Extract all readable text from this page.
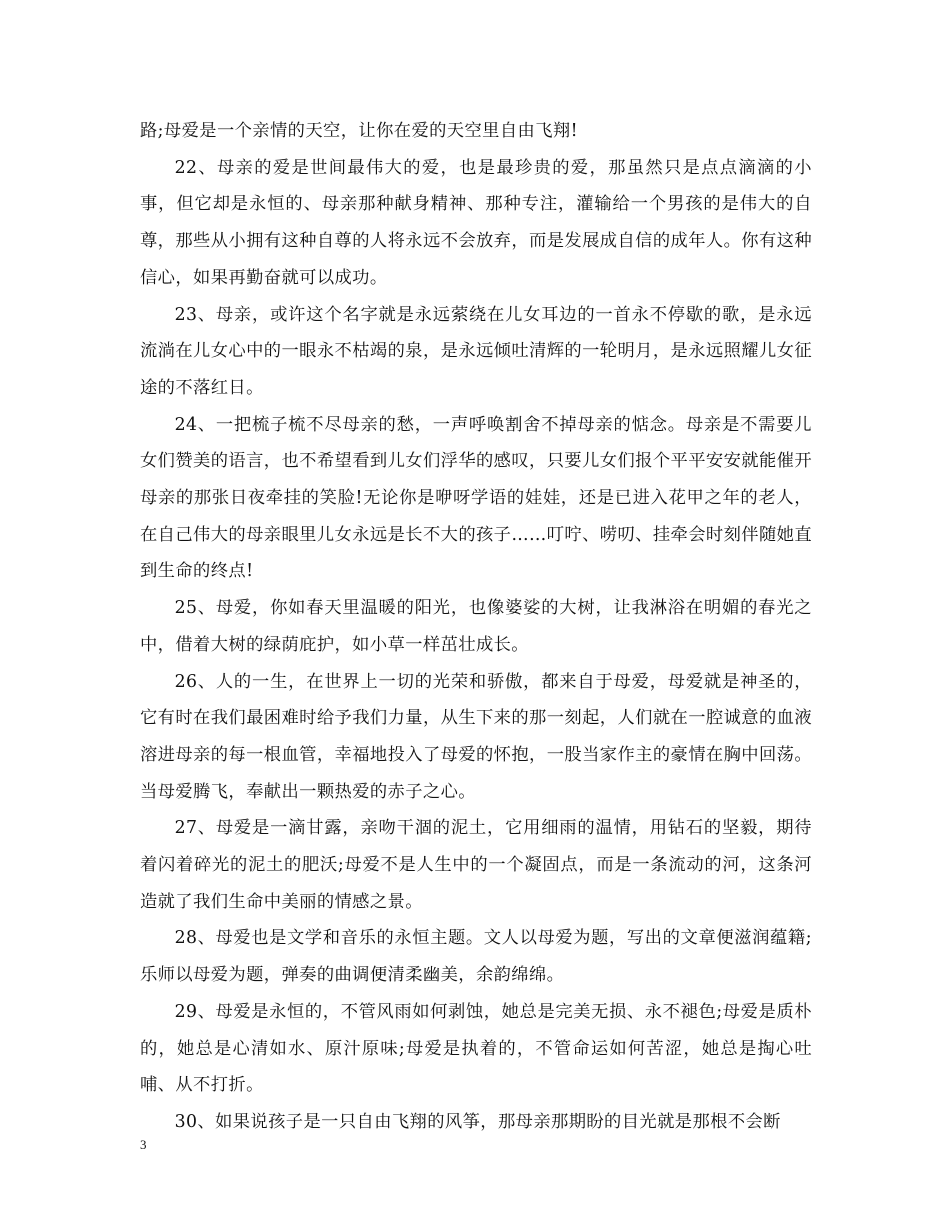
路;母爱是一个亲情的天空，让你在爱的天空里自由飞翔!

22、母亲的爱是世间最伟大的爱，也是最珍贵的爱，那虽然只是点点滴滴的小事，但它却是永恒的、母亲那种献身精神、那种专注，灌输给一个男孩的是伟大的自尊，那些从小拥有这种自尊的人将永远不会放弃，而是发展成自信的成年人。你有这种信心，如果再勤奋就可以成功。

23、母亲，或许这个名字就是永远萦绕在儿女耳边的一首永不停歇的歌，是永远流淌在儿女心中的一眼永不枯竭的泉，是永远倾吐清辉的一轮明月，是永远照耀儿女征途的不落红日。

24、一把梳子梳不尽母亲的愁，一声呼唤割舍不掉母亲的惦念。母亲是不需要儿女们赞美的语言，也不希望看到儿女们浮华的感叹，只要儿女们报个平平安安就能催开母亲的那张日夜牵挂的笑脸!无论你是咿呀学语的娃娃，还是已进入花甲之年的老人，在自己伟大的母亲眼里儿女永远是长不大的孩子……叮咛、唠叨、挂牵会时刻伴随她直到生命的终点!

25、母爱，你如春天里温暖的阳光，也像婆娑的大树，让我淋浴在明媚的春光之中，借着大树的绿荫庇护，如小草一样茁壮成长。

26、人的一生，在世界上一切的光荣和骄傲，都来自于母爱，母爱就是神圣的，它有时在我们最困难时给予我们力量，从生下来的那一刻起，人们就在一腔诚意的血液溶进母亲的每一根血管，幸福地投入了母爱的怀抱，一股当家作主的豪情在胸中回荡。当母爱腾飞，奉献出一颗热爱的赤子之心。

27、母爱是一滴甘露，亲吻干涸的泥土，它用细雨的温情，用钻石的坚毅，期待着闪着碎光的泥土的肥沃;母爱不是人生中的一个凝固点，而是一条流动的河，这条河造就了我们生命中美丽的情感之景。

28、母爱也是文学和音乐的永恒主题。文人以母爱为题，写出的文章便滋润蕴籍;乐师以母爱为题，弹奏的曲调便清柔幽美，余韵绵绵。

29、母爱是永恒的，不管风雨如何剥蚀，她总是完美无损、永不褪色;母爱是质朴的，她总是心清如水、原汁原味;母爱是执着的，不管命运如何苦涩，她总是掏心吐哺、从不打折。

30、如果说孩子是一只自由飞翔的风筝，那母亲那期盼的目光就是那根不会断

3
